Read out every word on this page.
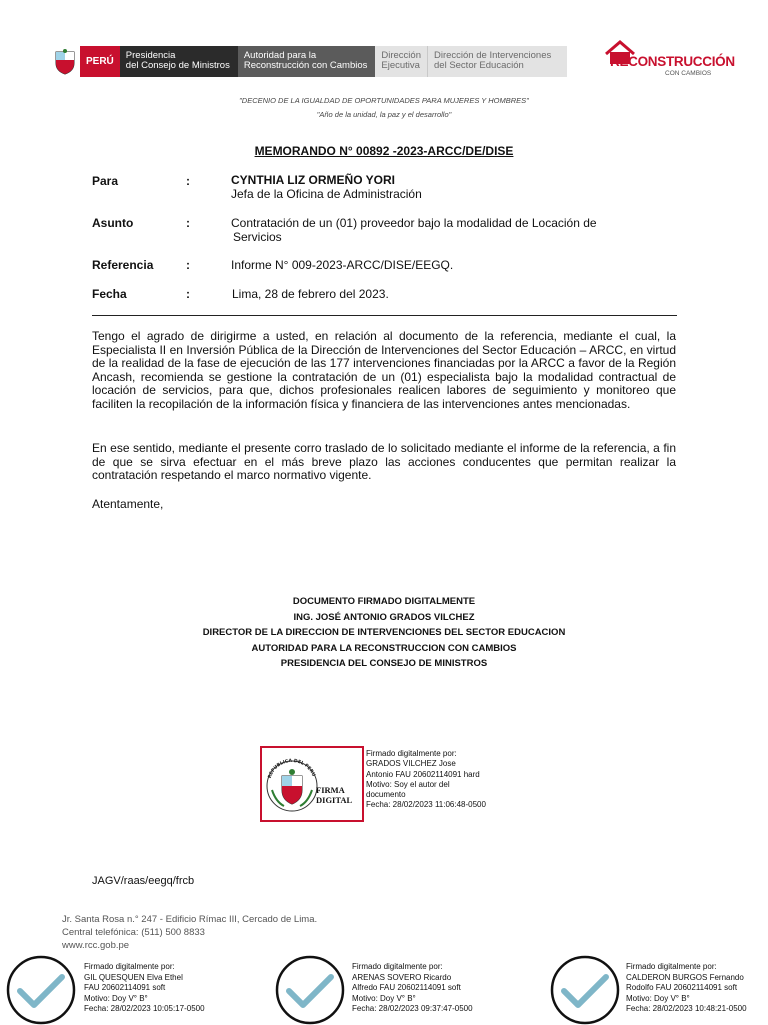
PERÚ
Presidencia
del Consejo de Ministros
Autoridad para la
Reconstrucción con Cambios
Dirección
Ejecutiva
Dirección de Intervenciones
del Sector Educación	RECONSTRUCCIÓN
CON CAMBIOS
"DECENIO DE LA IGUALDAD DE OPORTUNIDADES PARA MUJERES Y HOMBRES"
"Año de la unidad, la paz y el desarrollo"
MEMORANDO N° 00892 -2023-ARCC/DE/DISE
Para	:	CYNTHIA LIZ ORMEÑO YORI
Jefa de la Oficina de Administración
Asunto	:	Contratación de un (01) proveedor bajo la modalidad de Locación de
Servicios
Referencia	:	Informe N° 009-2023-ARCC/DISE/EEGQ.
Fecha	:	Lima, 28 de febrero del 2023.
Tengo el agrado de dirigirme a usted, en relación al documento de la referencia, mediante el cual, la Especialista II en Inversión Pública de la Dirección de Intervenciones del Sector Educación – ARCC, en virtud de la realidad de la fase de ejecución de las 177 intervenciones financiadas por la ARCC a favor de la Región Ancash, recomienda se gestione la contratación de un (01) especialista bajo la modalidad contractual de locación de servicios, para que, dichos profesionales realicen labores de seguimiento y monitoreo que faciliten la recopilación de la información física y financiera de las intervenciones antes mencionadas.
En ese sentido, mediante el presente corro traslado de lo solicitado mediante el informe de la referencia, a fin de que se sirva efectuar en el más breve plazo las acciones conducentes que permitan realizar la contratación respetando el marco normativo vigente.
Atentamente,
DOCUMENTO FIRMADO DIGITALMENTE
ING. JOSÉ ANTONIO GRADOS VILCHEZ
DIRECTOR DE LA DIRECCION DE INTERVENCIONES DEL SECTOR EDUCACION
AUTORIDAD PARA LA RECONSTRUCCION CON CAMBIOS
PRESIDENCIA DEL CONSEJO DE MINISTROS
REPUBLICA DEL PERU
FIRMA
DIGITAL
Firmado digitalmente por:
GRADOS VILCHEZ Jose
Antonio FAU 20602114091 hard
Motivo: Soy el autor del
documento
Fecha: 28/02/2023 11:06:48-0500
JAGV/raas/eegq/frcb
Jr. Santa Rosa n.° 247 - Edificio Rímac III, Cercado de Lima.
Central telefónica: (511) 500 8833
www.rcc.gob.pe
Firmado digitalmente por:
GIL QUESQUEN Elva Ethel
FAU 20602114091 soft
Motivo: Doy V° B°
Fecha: 28/02/2023 10:05:17-0500
Firmado digitalmente por:
ARENAS SOVERO Ricardo
Alfredo FAU 20602114091 soft
Motivo: Doy V° B°
Fecha: 28/02/2023 09:37:47-0500
Firmado digitalmente por:
CALDERON BURGOS Fernando
Rodolfo FAU 20602114091 soft
Motivo: Doy V° B°
Fecha: 28/02/2023 10:48:21-0500
